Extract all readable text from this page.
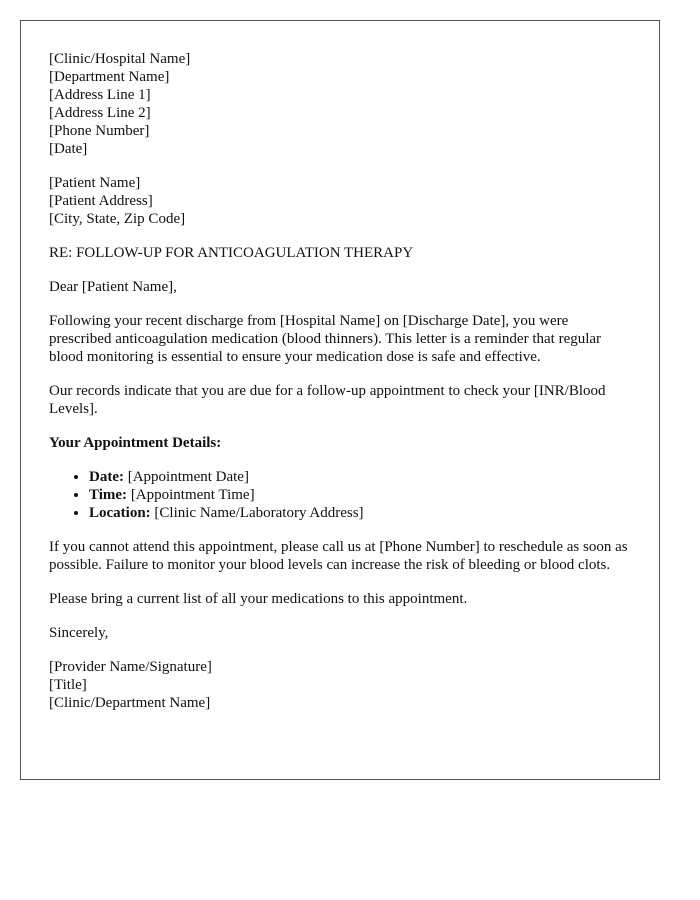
[Clinic/Hospital Name]
[Department Name]
[Address Line 1]
[Address Line 2]
[Phone Number]
[Date]
[Patient Name]
[Patient Address]
[City, State, Zip Code]

RE: FOLLOW-UP FOR ANTICOAGULATION THERAPY

Dear [Patient Name],

Following your recent discharge from [Hospital Name] on [Discharge Date], you were prescribed anticoagulation medication (blood thinners). This letter is a reminder that regular blood monitoring is essential to ensure your medication dose is safe and effective.

Our records indicate that you are due for a follow-up appointment to check your [INR/Blood Levels].

Your Appointment Details:
• Date: [Appointment Date]
• Time: [Appointment Time]
• Location: [Clinic Name/Laboratory Address]

If you cannot attend this appointment, please call us at [Phone Number] to reschedule as soon as possible. Failure to monitor your blood levels can increase the risk of bleeding or blood clots.

Please bring a current list of all your medications to this appointment.

Sincerely,

[Provider Name/Signature]
[Title]
[Clinic/Department Name]
